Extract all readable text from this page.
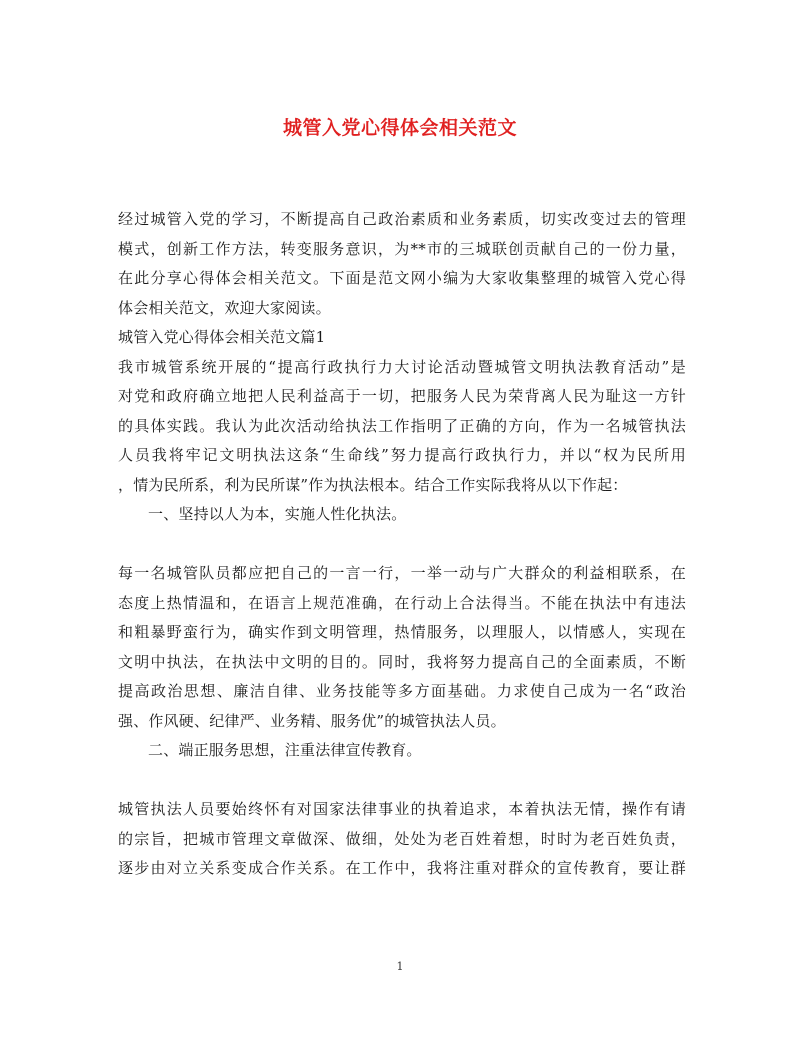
城管入党心得体会相关范文
经过城管入党的学习，不断提高自己政治素质和业务素质，切实改变过去的管理
模式，创新工作方法，转变服务意识，为**市的三城联创贡献自己的一份力量，
在此分享心得体会相关范文。下面是范文网小编为大家收集整理的城管入党心得
体会相关范文，欢迎大家阅读。
城管入党心得体会相关范文篇1
我市城管系统开展的“提高行政执行力大讨论活动暨城管文明执法教育活动”是
对党和政府确立地把人民利益高于一切，把服务人民为荣背离人民为耻这一方针
的具体实践。我认为此次活动给执法工作指明了正确的方向，作为一名城管执法
人员我将牢记文明执法这条“生命线”努力提高行政执行力，并以“权为民所用
，情为民所系，利为民所谋”作为执法根本。结合工作实际我将从以下作起：
一、坚持以人为本，实施人性化执法。
每一名城管队员都应把自己的一言一行，一举一动与广大群众的利益相联系，在
态度上热情温和，在语言上规范准确，在行动上合法得当。不能在执法中有违法
和粗暴野蛮行为，确实作到文明管理，热情服务，以理服人，以情感人，实现在
文明中执法，在执法中文明的目的。同时，我将努力提高自己的全面素质，不断
提高政治思想、廉洁自律、业务技能等多方面基础。力求使自己成为一名“政治
强、作风硬、纪律严、业务精、服务优”的城管执法人员。
二、端正服务思想，注重法律宣传教育。
城管执法人员要始终怀有对国家法律事业的执着追求，本着执法无情，操作有请
的宗旨，把城市管理文章做深、做细，处处为老百姓着想，时时为老百姓负责，
逐步由对立关系变成合作关系。在工作中，我将注重对群众的宣传教育，要让群
1
